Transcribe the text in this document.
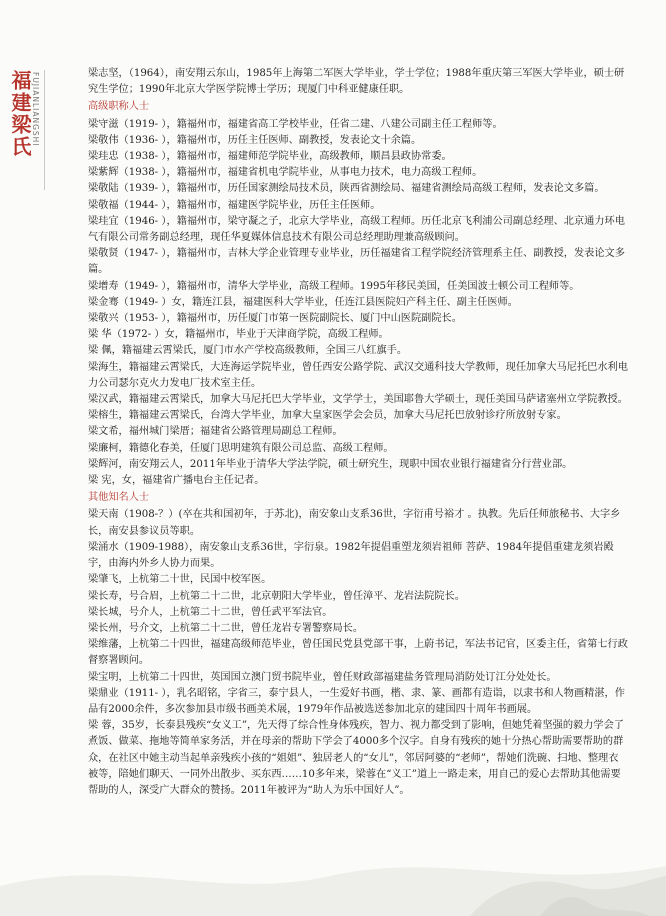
福建梁氏 FUJIANLIANGSHI	梁志坚，（1964），南安翔云东山，1985年上海第二军医大学毕业，学士学位；1988年重庆第三军医大学毕业，硕士研究生学位；1990年北京大学医学院博士学历；现厦门中科亚健康任职。

高级职称人士

梁守滋（1919- ），籍福州市，福建省高工学校毕业，任省二建、八建公司副主任工程师等。

梁敬伟（1936- ），籍福州市，历任主任医师、副教授，发表论文十余篇。

梁珪忠（1938- ），籍福州市，福建师范学院毕业，高级教师，顺昌县政协常委。

梁紫辉（1938- ），籍福州市，福建省机电学院毕业，从事电力技术，电力高级工程师。

梁敬陆（1939- ），籍福州市，历任国家测绘局技术员，陕西省测绘局、福建省测绘局高级工程师，发表论文多篇。

梁敬福（1944- ），籍福州市，福建医学院毕业，历任主任医师。

梁珪宜（1946- ），籍福州市，梁守凝之子，北京大学毕业，高级工程师。历任北京飞利浦公司副总经理、北京通力环电气有限公司常务副总经理，现任华夏媒体信息技术有限公司总经理助理兼高级顾问。

梁敬贤（1947- ），籍福州市，吉林大学企业管理专业毕业，历任福建省工程学院经济管理系主任、副教授，发表论文多篇。

梁增寿（1949- ），籍福州市，清华大学毕业，高级工程师。1995年移民美国，任美国波士顿公司工程师等。

梁金骞（1949- ）女，籍连江县，福建医科大学毕业，任连江县医院妇产科主任、副主任医师。

梁敬兴（1953- ），籍福州市，历任厦门市第一医院副院长、厦门中山医院副院长。

梁 华（1972- ）女，籍福州市，毕业于天津商学院，高级工程师。

梁 佩，籍福建云霄梁氏，厦门市水产学校高级教师，全国三八红旗手。

梁海生，籍福建云霄梁氏，大连海运学院毕业，曾任西安公路学院、武汉交通科技大学教师，现任加拿大马尼托巴水利电力公司瑟尔克火力发电厂技术室主任。

梁汉武，籍福建云霄梁氏，加拿大马尼托巴大学毕业，文学学士，美国耶鲁大学硕士，现任美国马萨诸塞州立学院教授。

梁榕生，籍福建云霄梁氏，台湾大学毕业，加拿大皇家医学会会员，加拿大马尼托巴放射诊疗所放射专家。

梁文希，福州城门梁厝；福建省公路管理局副总工程师。

梁廉柯，籍德化春美，任厦门思明建筑有限公司总监、高级工程师。

梁辉河，南安翔云人，2011年毕业于清华大学法学院，硕士研究生，现职中国农业银行福建省分行营业部。

梁 宪，女，福建省广播电台主任记者。

其他知名人士

梁天南（1908-？）(卒在共和国初年，于苏北)，南安象山支系36世，字衍甫号裕才 。执教。先后任师旅秘书、大字乡长，南安县参议员等职。

梁涌水（1909-1988），南安象山支系36世，字衍泉。1982年提倡重塑龙须岩祖师 菩萨、1984年提倡重建龙须岩殿宇，由海内外乡人协力而果。

梁肇飞，上杭第二十世，民国中校军医。

梁长寿，号合眉，上杭第二十二世，北京朝阳大学毕业，曾任漳平、龙岩法院院长。

梁长城，号介人，上杭第二十二世，曾任武平军法官。

梁长州，号介文，上杭第二十二世，曾任龙岩专署警察局长。

梁维藩，上杭第二十四世，福建高级师范毕业，曾任国民党县党部干事，上蔚书记，军法书记官，区委主任，省第七行政督察署顾问。

梁宝明，上杭第二十四世，英国国立澳门贸书院毕业，曾任财政部福建盐务管理局消防处订江分处处长。

梁鼎业（1911- ），乳名昭铭，字省三，泰宁县人，一生爱好书画，楷、隶、篆、画都有造诣，以隶书和人物画精湛，作品有2000余件，多次参加县市级书画美术展，1979年作品被选送参加北京的建国四十周年书画展。

梁 蓉，35岁，长泰县残疾“女义工”，先天得了综合性身体残疾，智力、视力都受到了影响，但她凭着坚强的毅力学会了煮饭、做菜、拖地等简单家务活，并在母亲的帮助下学会了4000多个汉字。自身有残疾的她十分热心帮助需要帮助的群众，在社区中她主动当起单亲残疾小孩的“姐姐”、独居老人的“女儿”，邻居阿婆的“老师”，帮她们洗碗、扫地、整理衣被等，陪她们聊天、一同外出散步、买东西……10多年来，梁蓉在“义工”道上一路走来，用自己的爱心去帮助其他需要帮助的人，深受广大群众的赞扬。2011年被评为“助人为乐中国好人”。
